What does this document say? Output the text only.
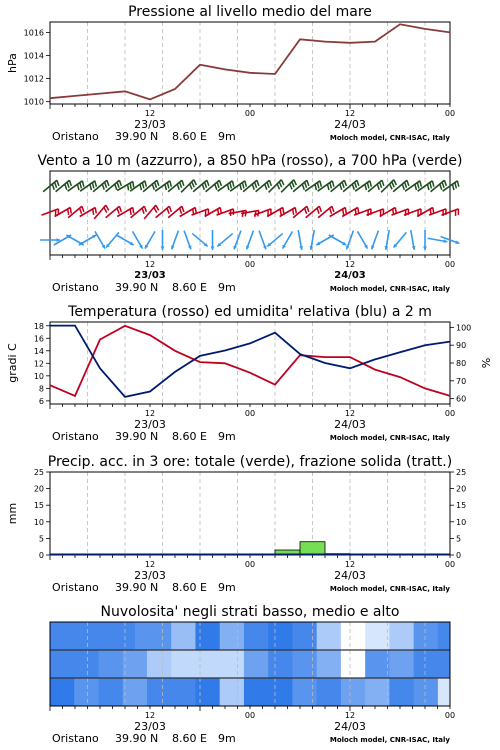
Pressione al livello medio del mare
12	00	12	00
23/03	24/03
Oristano 39.90 N 8.60 E 9m	Moloch model, CNR-ISAC, Italy
1010
1012
1014
1016
hPa
Vento a 10 m (azzurro), a 850 hPa (rosso), a 700 hPa (verde)
12	00	12	00
23/03	24/03
Oristano 39.90 N 8.60 E 9m	Moloch model, CNR-ISAC, Italy
Temperatura (rosso) ed umidita' relativa (blu) a 2 m
12	00	12	00
23/03	24/03
Oristano 39.90 N 8.60 E 9m	Moloch model, CNR-ISAC, Italy
6
8
10
12
14
16
18
gradi C
60
70
80
90
100
%
Precip. acc. in 3 ore: totale (verde), frazione solida (tratt.)
12	00	12	00
23/03	24/03
Oristano 39.90 N 8.60 E 9m	Moloch model, CNR-ISAC, Italy
0
5
10
15
20
25
mm
0
5
10
15
20
25
Nuvolosita' negli strati basso, medio e alto
12	00	12	00
23/03	24/03
Oristano 39.90 N 8.60 E 9m	Moloch model, CNR-ISAC, Italy
